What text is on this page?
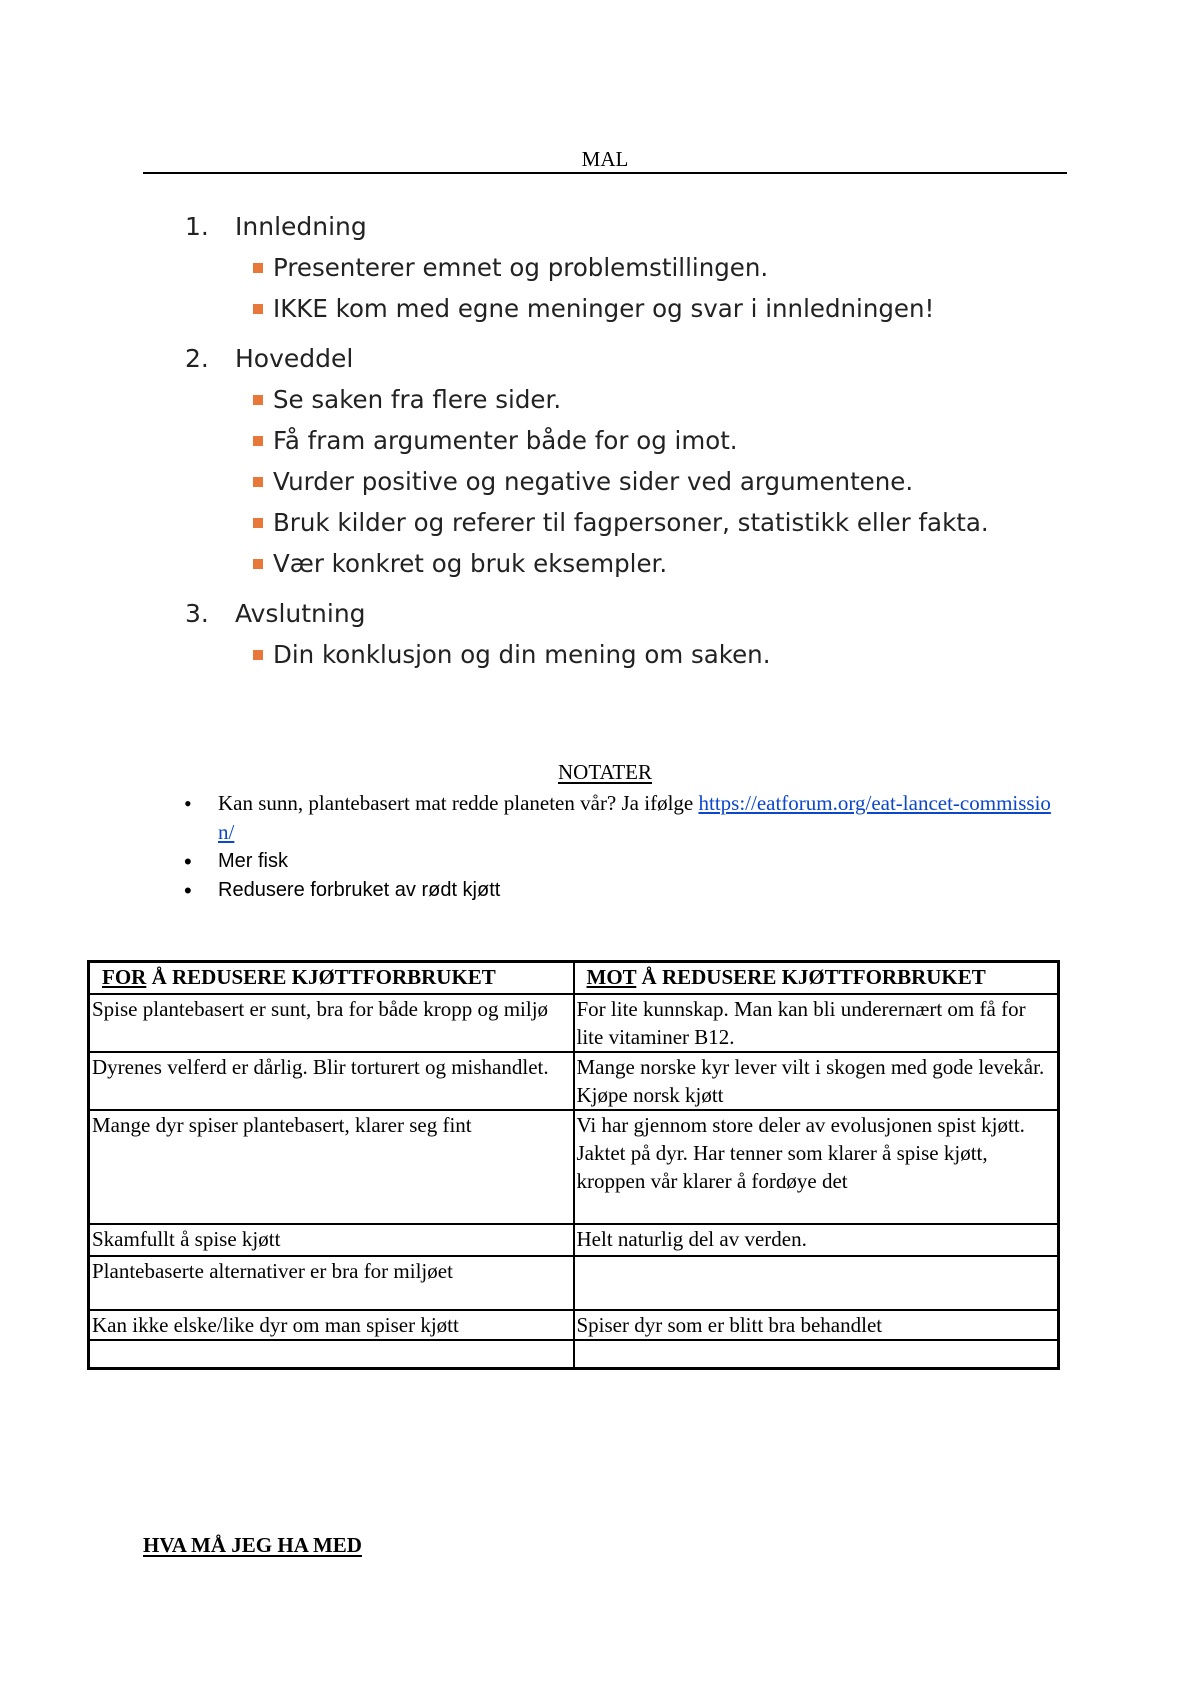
MAL
1.	Innledning
Presenterer emnet og problemstillingen.
IKKE kom med egne meninger og svar i innledningen!
2.	Hoveddel
Se saken fra flere sider.
Få fram argumenter både for og imot.
Vurder positive og negative sider ved argumentene.
Bruk kilder og referer til fagpersoner, statistikk eller fakta.
Vær konkret og bruk eksempler.
3.	Avslutning
Din konklusjon og din mening om saken.
NOTATER
• Kan sunn, plantebasert mat redde planeten vår? Ja ifølge https://eatforum.org/eat-lancet-commission/
• Mer fisk
• Redusere forbruket av rødt kjøtt
FOR Å REDUSERE KJØTTFORBRUKET	MOT Å REDUSERE KJØTTFORBRUKET
Spise plantebasert er sunt, bra for både kropp og miljø	For lite kunnskap. Man kan bli underernært om få for lite vitaminer B12.
Dyrenes velferd er dårlig. Blir torturert og mishandlet.	Mange norske kyr lever vilt i skogen med gode levekår. Kjøpe norsk kjøtt
Mange dyr spiser plantebasert, klarer seg fint	Vi har gjennom store deler av evolusjonen spist kjøtt. Jaktet på dyr. Har tenner som klarer å spise kjøtt, kroppen vår klarer å fordøye det
Skamfullt å spise kjøtt	Helt naturlig del av verden.
Plantebaserte alternativer er bra for miljøet	
Kan ikke elske/like dyr om man spiser kjøtt	Spiser dyr som er blitt bra behandlet

HVA MÅ JEG HA MED
